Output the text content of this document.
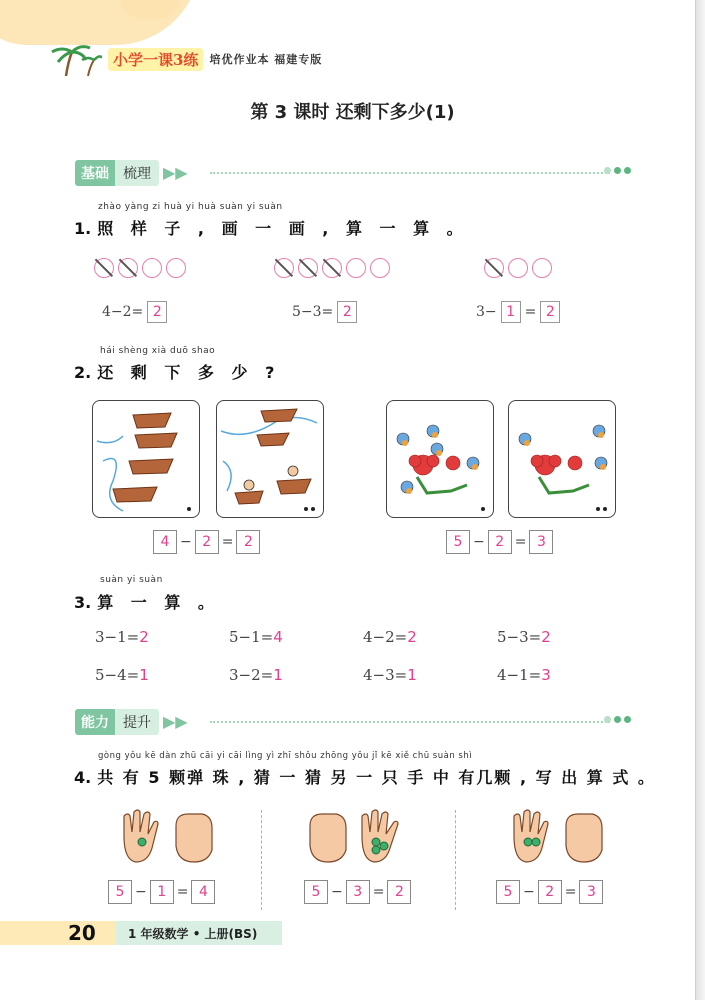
小学一课3练	培优作业本 福建专版
第 3 课时 还剩下多少(1)
基础	梳理 ▶▶
zhào yàng zi huà yi huà suàn yi suàn
1. 照 样 子 , 画 一 画 , 算 一 算 。
4−2= 2	5−3= 2	3− 1 = 2
hái shèng xià duō shao
2. 还 剩 下 多 少 ?
4 − 2 = 2	5 − 2 = 3
suàn yi suàn
3. 算 一 算 。
3−1=2	5−1=4	4−2=2	5−3=2
5−4=1	3−2=1	4−3=1	4−1=3
能力	提升 ▶▶
gòng yǒu kē dàn zhū cāi yi cāi lìng yì zhī shǒu zhōng yǒu jǐ kē xiě chū suàn shì
4. 共 有 5 颗弹 珠 , 猜 一 猜 另 一 只 手 中 有几颗 , 写 出 算 式 。
5 − 1 = 4	5 − 3 = 2	5 − 2 = 3
20	1 年级数学 • 上册(BS)
